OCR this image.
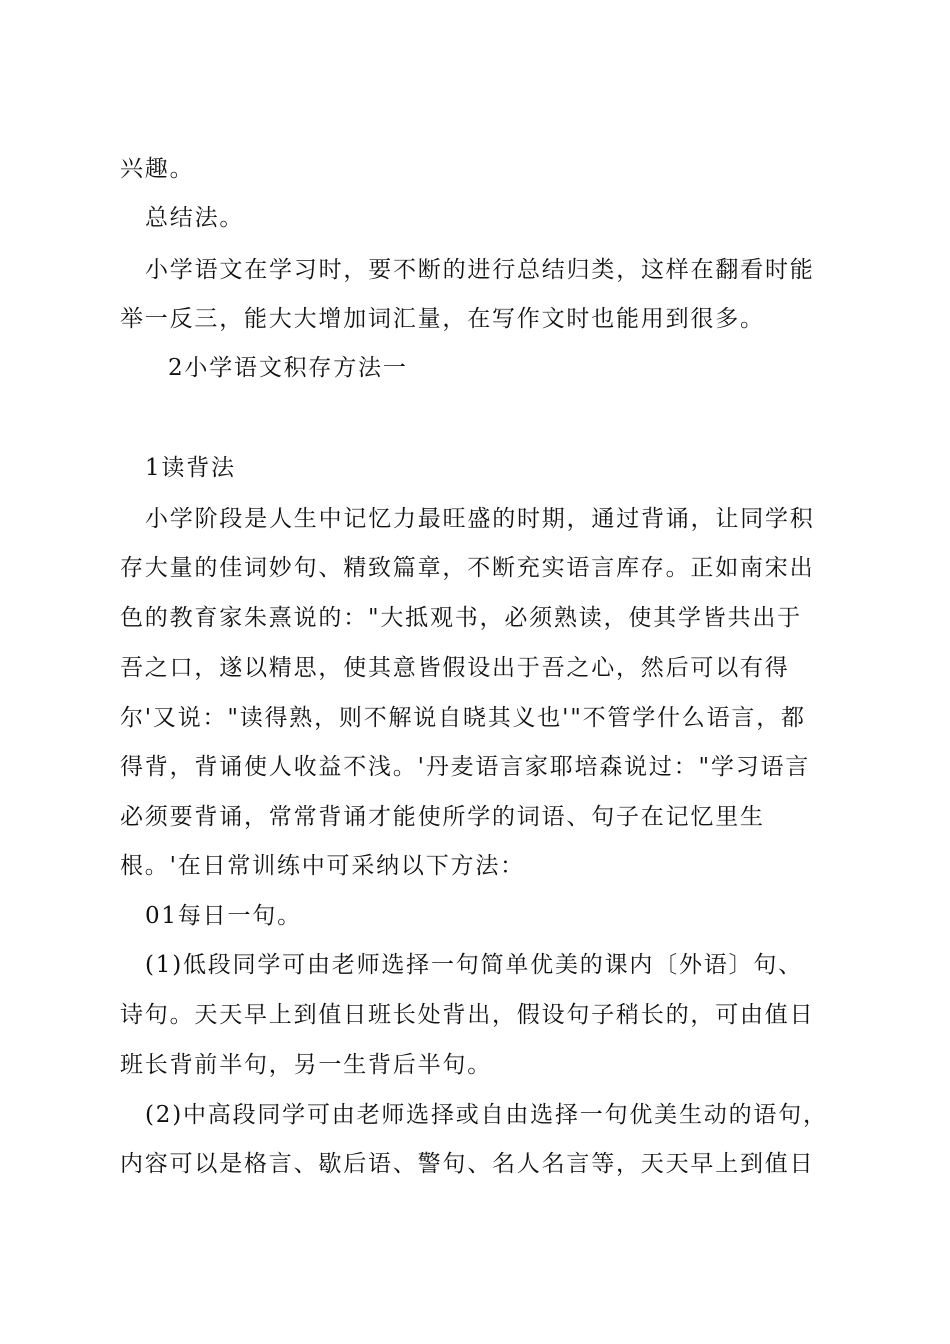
兴趣。
总结法。
小学语文在学习时，要不断的进行总结归类，这样在翻看时能
举一反三，能大大增加词汇量，在写作文时也能用到很多。
2小学语文积存方法一
1读背法
小学阶段是人生中记忆力最旺盛的时期，通过背诵，让同学积
存大量的佳词妙句、精致篇章，不断充实语言库存。正如南宋出
色的教育家朱熹说的："大抵观书，必须熟读，使其学皆共出于
吾之口，遂以精思，使其意皆假设出于吾之心，然后可以有得
尔'又说："读得熟，则不解说自晓其义也'"不管学什么语言，都
得背，背诵使人收益不浅。'丹麦语言家耶培森说过："学习语言
必须要背诵，常常背诵才能使所学的词语、句子在记忆里生
根。'在日常训练中可采纳以下方法：
01每日一句。
(1)低段同学可由老师选择一句简单优美的课内〔外语〕句、
诗句。天天早上到值日班长处背出，假设句子稍长的，可由值日
班长背前半句，另一生背后半句。
(2)中高段同学可由老师选择或自由选择一句优美生动的语句，
内容可以是格言、歇后语、警句、名人名言等，天天早上到值日
